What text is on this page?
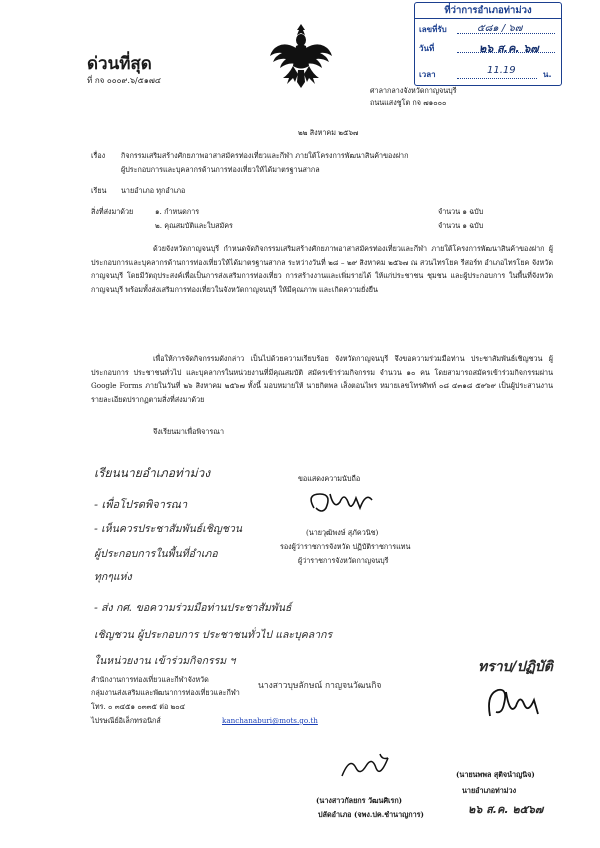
ที่ว่าการอำเภอท่าม่วง
เลขที่รับ	๕๘๑ / ๖๗
วันที่	๒๖ ส.ค. ๖๗
เวลา	11.19	น.
ด่วนที่สุด
ที่ กจ ๐๐๐๙.๖/๕๑๗๔
ศาลากลางจังหวัดกาญจนบุรี
ถนนแสงชูโต กจ ๗๑๐๐๐
๒๒ สิงหาคม ๒๕๖๗
เรื่อง กิจกรรมเสริมสร้างศักยภาพอาสาสมัครท่องเที่ยวและกีฬา ภายใต้โครงการพัฒนาสินค้าของฝาก
ผู้ประกอบการและบุคลากรด้านการท่องเที่ยวให้ได้มาตรฐานสากล
เรียน นายอำเภอ ทุกอำเภอ
สิ่งที่ส่งมาด้วย	๑. กำหนดการ	จำนวน ๑ ฉบับ
๒. คุณสมบัติและใบสมัคร	จำนวน ๑ ฉบับ
ด้วยจังหวัดกาญจนบุรี กำหนดจัดกิจกรรมเสริมสร้างศักยภาพอาสาสมัครท่องเที่ยวและกีฬา ภายใต้โครงการพัฒนาสินค้าของฝาก ผู้ประกอบการและบุคลากรด้านการท่องเที่ยวให้ได้มาตรฐานสากล ระหว่างวันที่ ๒๘ – ๒๙ สิงหาคม ๒๕๖๗ ณ สวนไทรโยค รีสอร์ท อำเภอไทรโยค จังหวัดกาญจนบุรี โดยมีวัตถุประสงค์เพื่อเป็นการส่งเสริมการท่องเที่ยว การสร้างงานและเพิ่มรายได้ ให้แก่ประชาชน ชุมชน และผู้ประกอบการ ในพื้นที่จังหวัดกาญจนบุรี พร้อมทั้งส่งเสริมการท่องเที่ยวในจังหวัดกาญจนบุรี ให้มีคุณภาพ และเกิดความยั่งยืน
เพื่อให้การจัดกิจกรรมดังกล่าว เป็นไปด้วยความเรียบร้อย จังหวัดกาญจนบุรี จึงขอความร่วมมือท่าน ประชาสัมพันธ์เชิญชวน ผู้ประกอบการ ประชาชนทั่วไป และบุคลากรในหน่วยงานที่มีคุณสมบัติ สมัครเข้าร่วมกิจกรรม จำนวน ๑๐ คน โดยสามารถสมัครเข้าร่วมกิจกรรมผ่าน Google Forms ภายในวันที่ ๒๖ สิงหาคม ๒๕๖๗ ทั้งนี้ มอบหมายให้ นายกิตพล เส็งตอนไพร หมายเลขโทรศัพท์ ๐๘ ๔๓๑๘ ๕๙๖๙ เป็นผู้ประสานงาน รายละเอียดปรากฏตามสิ่งที่ส่งมาด้วย
จึงเรียนมาเพื่อพิจารณา
เรียนนายอำเภอท่าม่วง
- เพื่อโปรดพิจารณา
- เห็นควรประชาสัมพันธ์เชิญชวน
ผู้ประกอบการในพื้นที่อำเภอ
ทุกๆแห่ง
- ส่ง กศ. ขอความร่วมมือท่านประชาสัมพันธ์
เชิญชวน ผู้ประกอบการ ประชาชนทั่วไป และบุคลากร
ในหน่วยงาน เข้าร่วมกิจกรรม ฯ
ขอแสดงความนับถือ
(นายวุฒิพงษ์ สุภัควนิช)
รองผู้ว่าราชการจังหวัด ปฏิบัติราชการแทน
ผู้ว่าราชการจังหวัดกาญจนบุรี
สำนักงานการท่องเที่ยวและกีฬาจังหวัด
กลุ่มงานส่งเสริมและพัฒนาการท่องเที่ยวและกีฬา
นางสาวบุษลักษณ์ กาญจนวัฒนกิจ
โทร. ๐ ๓๔๕๑ ๐๓๓๕ ต่อ ๒๐๔
ไปรษณีย์อิเล็กทรอนิกส์	kanchanaburi@mots.go.th
ทราบ/ปฏิบัติ
(นางสาวกัลยกร วัฒนศิเรก)
ปลัดอำเภอ (จพง.ปค.ชำนาญการ)
(นายนพพล สุติจนำญนิจ)
นายอำเภอท่าม่วง
๒๖ ส.ค. ๒๕๖๗
